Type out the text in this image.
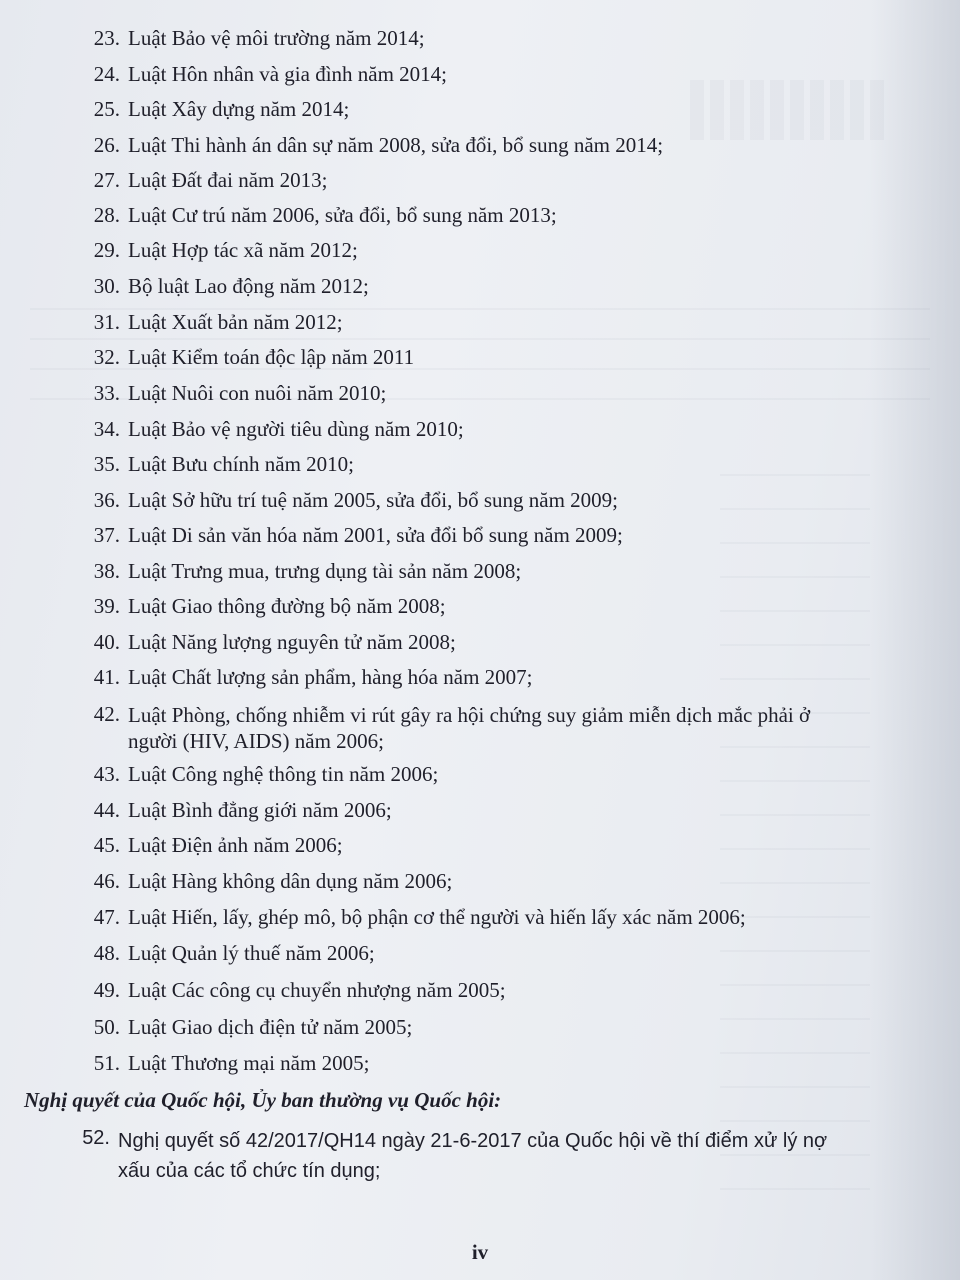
23. Luật Bảo vệ môi trường năm 2014;
24. Luật Hôn nhân và gia đình năm 2014;
25. Luật Xây dựng năm 2014;
26. Luật Thi hành án dân sự năm 2008, sửa đổi, bổ sung năm 2014;
27. Luật Đất đai năm 2013;
28. Luật Cư trú năm 2006, sửa đổi, bổ sung năm 2013;
29. Luật Hợp tác xã năm 2012;
30. Bộ luật Lao động năm 2012;
31. Luật Xuất bản năm 2012;
32. Luật Kiểm toán độc lập năm 2011
33. Luật Nuôi con nuôi năm 2010;
34. Luật Bảo vệ người tiêu dùng năm 2010;
35. Luật Bưu chính năm 2010;
36. Luật Sở hữu trí tuệ năm 2005, sửa đổi, bổ sung năm 2009;
37. Luật Di sản văn hóa năm 2001, sửa đổi bổ sung năm 2009;
38. Luật Trưng mua, trưng dụng tài sản năm 2008;
39. Luật Giao thông đường bộ năm 2008;
40. Luật Năng lượng nguyên tử năm 2008;
41. Luật Chất lượng sản phẩm, hàng hóa năm 2007;
42. Luật Phòng, chống nhiễm vi rút gây ra hội chứng suy giảm miễn dịch mắc phải ở người (HIV, AIDS) năm 2006;
43. Luật Công nghệ thông tin năm 2006;
44. Luật Bình đẳng giới năm 2006;
45. Luật Điện ảnh năm 2006;
46. Luật Hàng không dân dụng năm 2006;
47. Luật Hiến, lấy, ghép mô, bộ phận cơ thể người và hiến lấy xác năm 2006;
48. Luật Quản lý thuế năm 2006;
49. Luật Các công cụ chuyển nhượng năm 2005;
50. Luật Giao dịch điện tử năm 2005;
51. Luật Thương mại năm 2005;
Nghị quyết của Quốc hội, Ủy ban thường vụ Quốc hội:
52. Nghị quyết số 42/2017/QH14 ngày 21-6-2017 của Quốc hội về thí điểm xử lý nợ xấu của các tổ chức tín dụng;
iv
